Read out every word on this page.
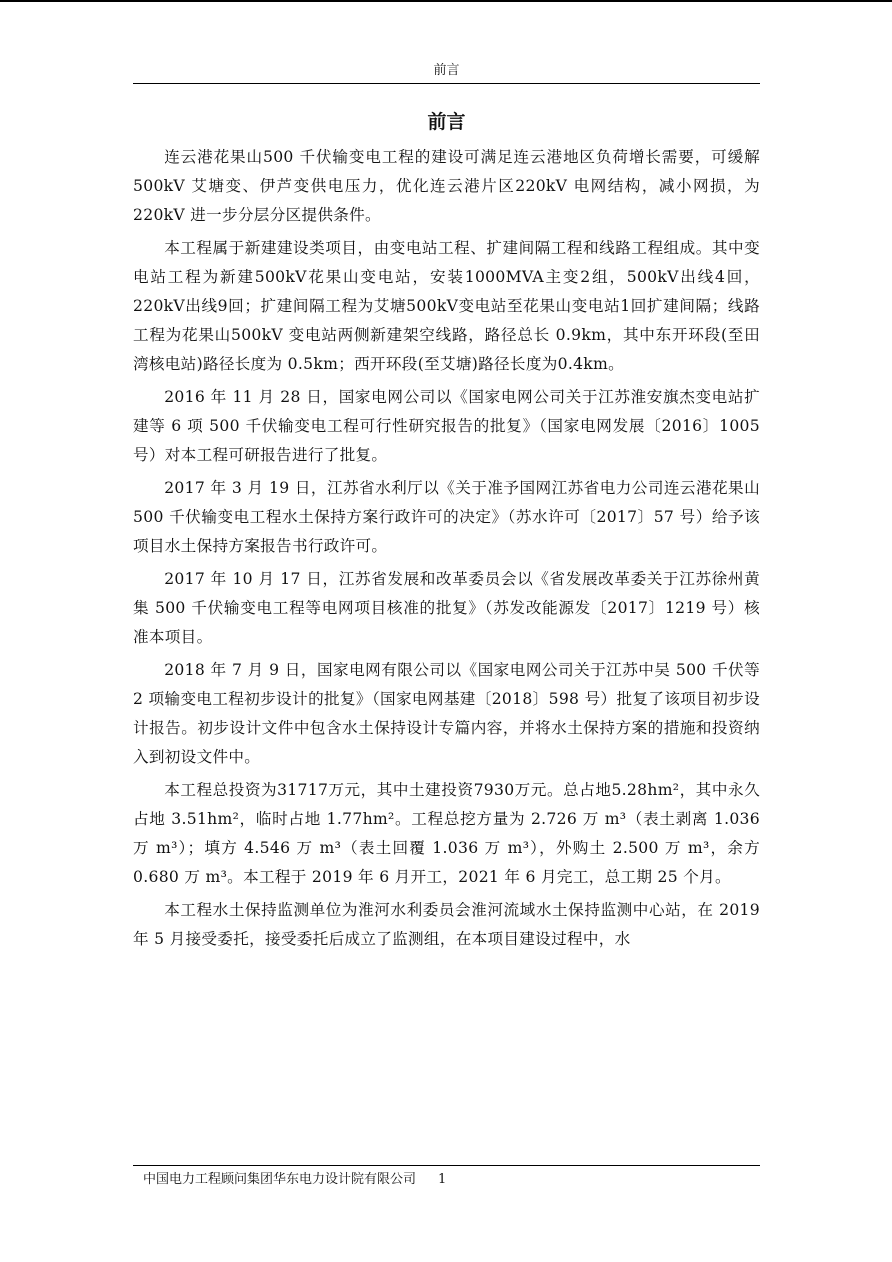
前言
前言

连云港花果山500 千伏输变电工程的建设可满足连云港地区负荷增长需要，可缓解500kV 艾塘变、伊芦变供电压力，优化连云港片区220kV 电网结构，减小网损，为220kV 进一步分层分区提供条件。

本工程属于新建建设类项目，由变电站工程、扩建间隔工程和线路工程组成。其中变电站工程为新建500kV花果山变电站，安装1000MVA主变2组，500kV出线4回，220kV出线9回；扩建间隔工程为艾塘500kV变电站至花果山变电站1回扩建间隔；线路工程为花果山500kV 变电站两侧新建架空线路，路径总长 0.9km，其中东开环段(至田湾核电站)路径长度为 0.5km；西开环段(至艾塘)路径长度为0.4km。

2016 年 11 月 28 日，国家电网公司以《国家电网公司关于江苏淮安旗杰变电站扩建等 6 项 500 千伏输变电工程可行性研究报告的批复》（国家电网发展〔2016〕1005 号）对本工程可研报告进行了批复。

2017 年 3 月 19 日，江苏省水利厅以《关于准予国网江苏省电力公司连云港花果山 500 千伏输变电工程水土保持方案行政许可的决定》（苏水许可〔2017〕57 号）给予该项目水土保持方案报告书行政许可。

2017 年 10 月 17 日，江苏省发展和改革委员会以《省发展改革委关于江苏徐州黄集 500 千伏输变电工程等电网项目核准的批复》（苏发改能源发〔2017〕1219 号）核准本项目。

2018 年 7 月 9 日，国家电网有限公司以《国家电网公司关于江苏中吴 500 千伏等 2 项输变电工程初步设计的批复》（国家电网基建〔2018〕598 号）批复了该项目初步设计报告。初步设计文件中包含水土保持设计专篇内容，并将水土保持方案的措施和投资纳入到初设文件中。

本工程总投资为31717万元，其中土建投资7930万元。总占地5.28hm²，其中永久占地 3.51hm²，临时占地 1.77hm²。工程总挖方量为 2.726 万 m³（表土剥离 1.036 万 m³）；填方 4.546 万 m³（表土回覆 1.036 万 m³），外购土 2.500 万 m³，余方 0.680 万 m³。本工程于 2019 年 6 月开工，2021 年 6 月完工，总工期 25 个月。

本工程水土保持监测单位为淮河水利委员会淮河流域水土保持监测中心站，在 2019 年 5 月接受委托，接受委托后成立了监测组，在本项目建设过程中，水

中国电力工程顾问集团华东电力设计院有限公司 1
